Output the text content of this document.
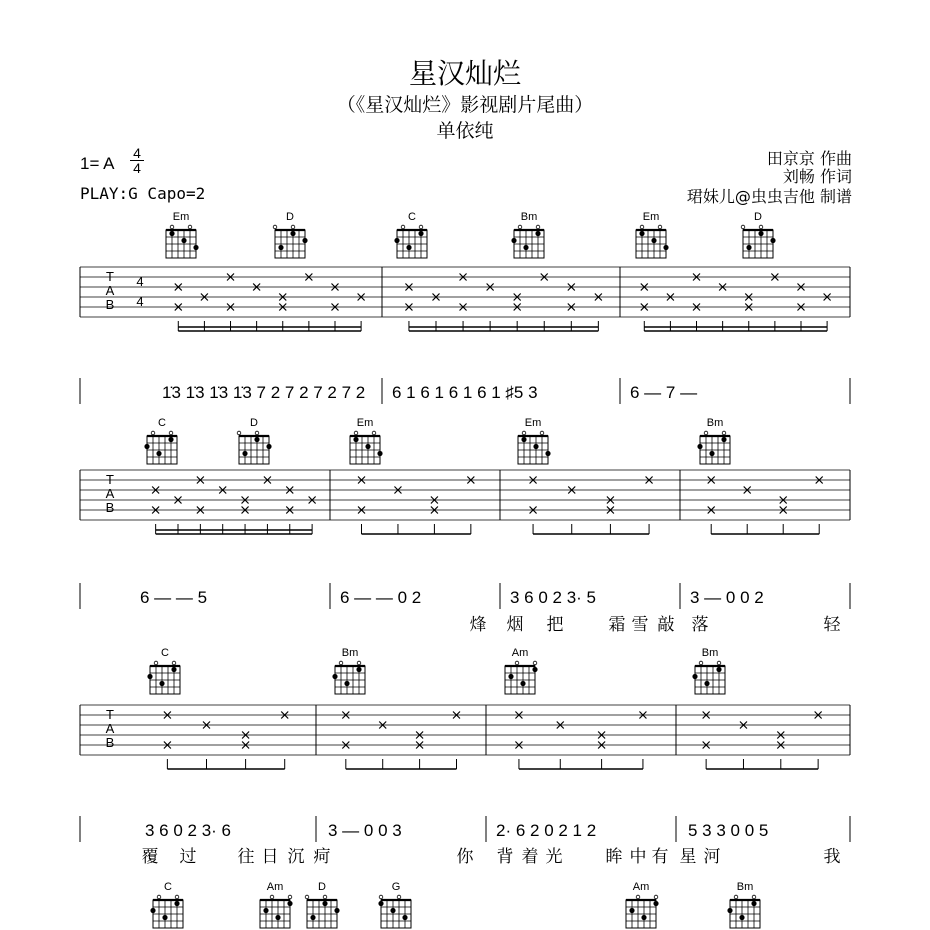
星汉灿烂
（《星汉灿烂》影视剧片尾曲）
单依纯
1= A
4
4
PLAY:G Capo=2
田京京 作曲
刘畅 作词
珺妹儿@虫虫吉他 制谱
Em	D	C	Bm	Em	D
T
A
B
4
4
1̇3 1̇3 1̇3 1̇3 7 2 7 2 7 2 7 2 6 1 6 1 6 1 6 1 ♯5 3	6 — 7 —
C	D	Em	Em	Bm
T
A
B
6 — — 5	6 — — 0 2	3 6 0 2 3· 5	3 — 0 0 2
烽 烟 把	霜 雪 敲 落	轻
C	Bm	Am	Bm
T
A
B
3 6 0 2 3· 6	3 — 0 0 3	2· 6 2 0 2 1 2	5 3 3 0 0 5
覆 过 往 日 沉 疴	你 背 着 光	眸 中 有 星 河	我
C	Am	D	G	Am	Bm
